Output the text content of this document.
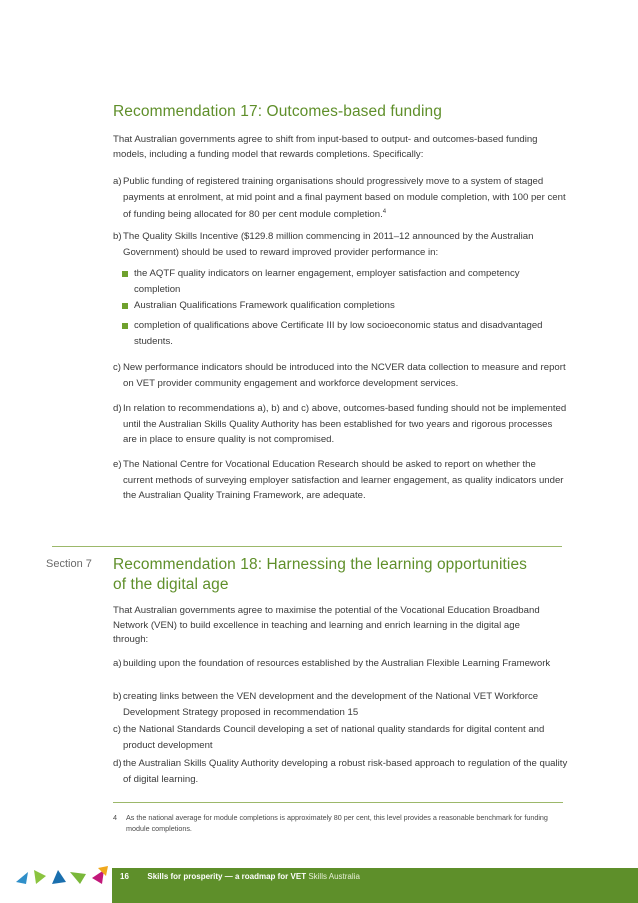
Recommendation 17: Outcomes-based funding
That Australian governments agree to shift from input-based to output- and outcomes-based funding models, including a funding model that rewards completions. Specifically:
a) Public funding of registered training organisations should progressively move to a system of staged payments at enrolment, at mid point and a final payment based on module completion, with 100 per cent of funding being allocated for 80 per cent module completion.$^4$
b) The Quality Skills Incentive ($129.8 million commencing in 2011–12 announced by the Australian Government) should be used to reward improved provider performance in:
the AQTF quality indicators on learner engagement, employer satisfaction and competency completion
Australian Qualifications Framework qualification completions
completion of qualifications above Certificate III by low socioeconomic status and disadvantaged students.
c) New performance indicators should be introduced into the NCVER data collection to measure and report on VET provider community engagement and workforce development services.
d) In relation to recommendations a), b) and c) above, outcomes-based funding should not be implemented until the Australian Skills Quality Authority has been established for two years and rigorous processes are in place to ensure quality is not compromised.
e) The National Centre for Vocational Education Research should be asked to report on whether the current methods of surveying employer satisfaction and learner engagement, as quality indicators under the Australian Quality Training Framework, are adequate.
Section 7 Recommendation 18: Harnessing the learning opportunities
of the digital age
That Australian governments agree to maximise the potential of the Vocational Education Broadband Network (VEN) to build excellence in teaching and learning and enrich learning in the digital age through:
a) building upon the foundation of resources established by the Australian Flexible Learning Framework
b) creating links between the VEN development and the development of the National VET Workforce Development Strategy proposed in recommendation 15
c) the National Standards Council developing a set of national quality standards for digital content and product development
d) the Australian Skills Quality Authority developing a robust risk-based approach to regulation of the quality of digital learning.
4	As the national average for module completions is approximately 80 per cent, this level provides a reasonable benchmark for funding module completions.
16 Skills for prosperity — a roadmap for VET Skills Australia
